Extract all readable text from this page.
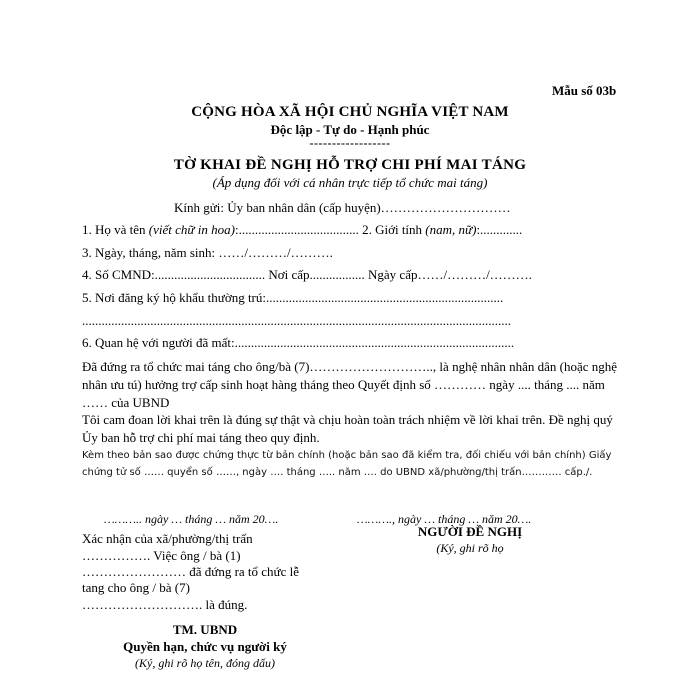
Mẫu số 03b
CỘNG HÒA XÃ HỘI CHỦ NGHĨA VIỆT NAM
Độc lập - Tự do - Hạnh phúc
------------------
TỜ KHAI ĐỀ NGHỊ HỖ TRỢ CHI PHÍ MAI TÁNG
(Áp dụng đối với cá nhân trực tiếp tổ chức mai táng)
Kính gửi: Ủy ban nhân dân (cấp huyện)…………………………
1. Họ và tên (viết chữ in hoa):..................................... 2. Giới tính (nam, nữ):.............
3. Ngày, tháng, năm sinh: ……/………/……….
4. Số CMND:.................................. Nơi cấp................. Ngày cấp……/………/……….
5. Nơi đăng ký hộ khẩu thường trú:.........................................................................
....................................................................................................................................
6. Quan hệ với người đã mất:......................................................................................
Đã đứng ra tổ chức mai táng cho ông/bà (7)……………………….., là nghệ nhân nhân dân (hoặc nghệ nhân ưu tú) hưởng trợ cấp sinh hoạt hàng tháng theo Quyết định số ………… ngày .... tháng .... năm …… của UBND
Tôi cam đoan lời khai trên là đúng sự thật và chịu hoàn toàn trách nhiệm về lời khai trên. Đề nghị quý Ủy ban hỗ trợ chi phí mai táng theo quy định.
Kèm theo bản sao được chứng thực từ bản chính (hoặc bản sao đã kiểm tra, đối chiếu với bản chính) Giấy chứng tử số …… quyển số ……, ngày …. tháng ….. năm …. do UBND xã/phường/thị trấn………… cấp./.
……….. ngày … tháng … năm 20….	………., ngày … tháng … năm 20….
Xác nhận của xã/phường/thị trấn
……………. Việc ông / bà (1)
…………………… đã đứng ra tổ chức lễ
tang cho ông / bà (7)
………………………. là đúng.
NGƯỜI ĐỀ NGHỊ
(Ký, ghi rõ họ
TM. UBND
Quyền hạn, chức vụ người ký
(Ký, ghi rõ họ tên, đóng dấu)
